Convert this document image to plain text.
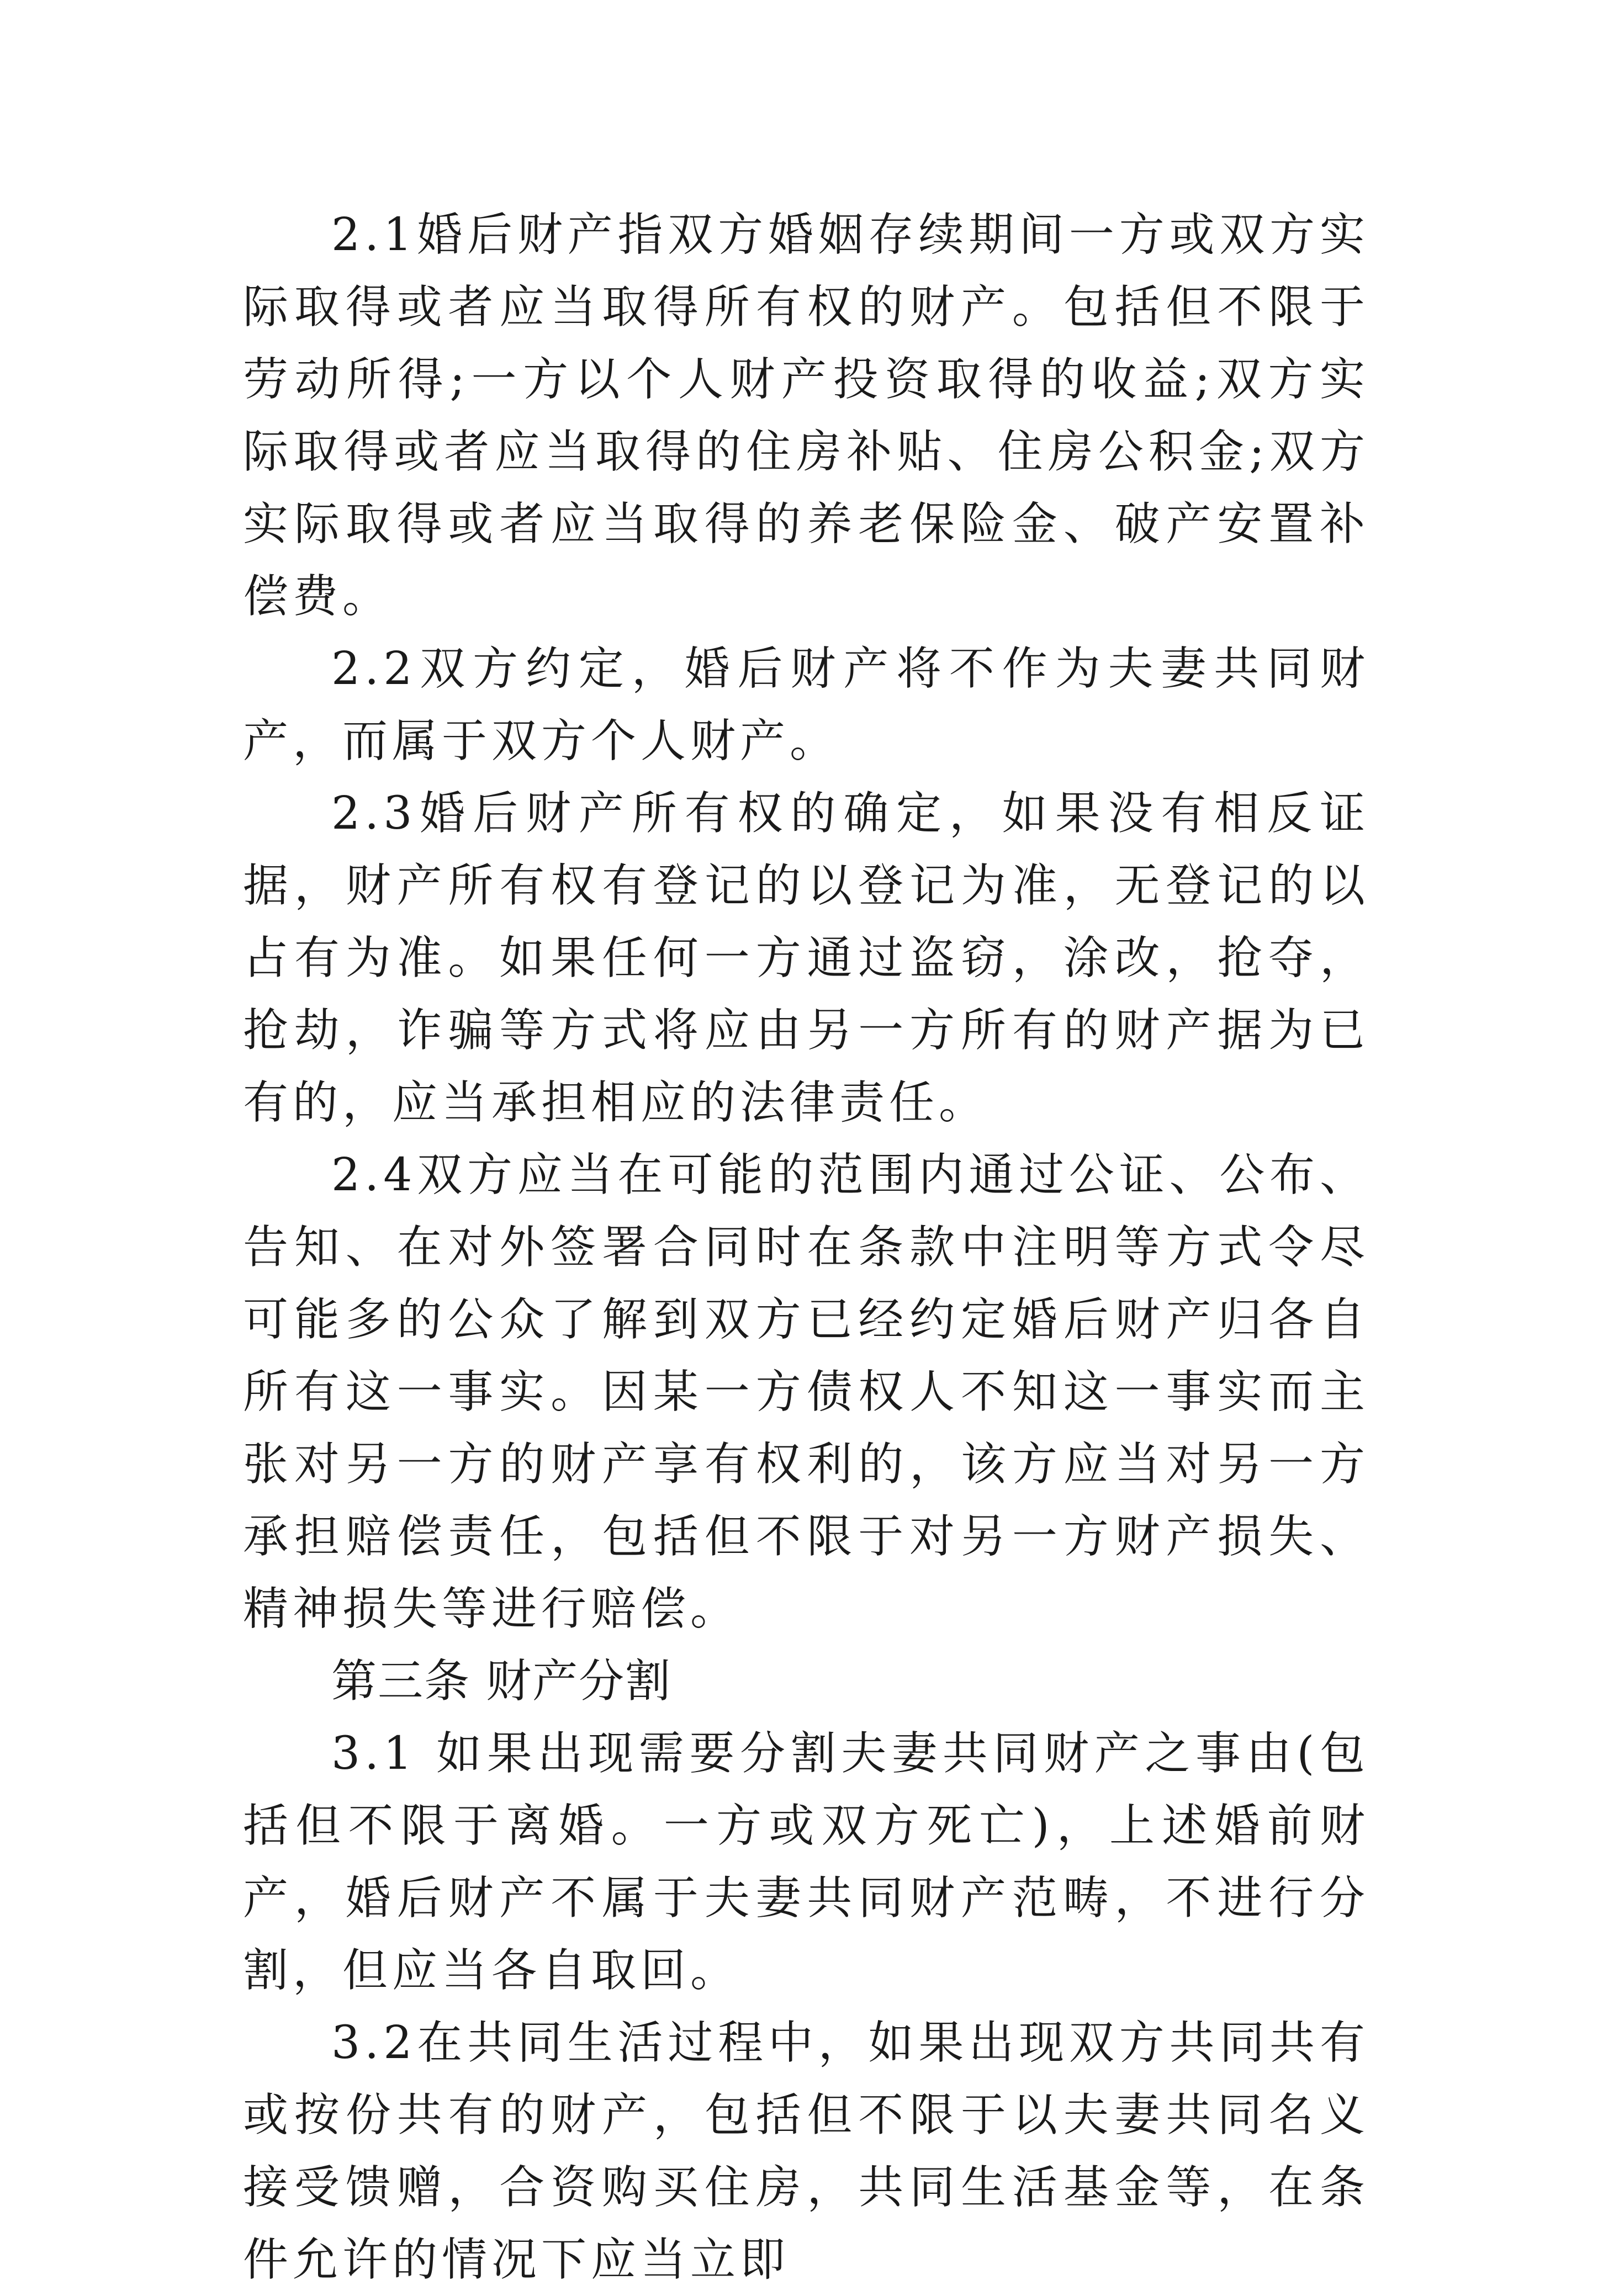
2.1婚后财产指双方婚姻存续期间一方或双方实际取得或者应当取得所有权的财产。包括但不限于劳动所得;一方以个人财产投资取得的收益;双方实际取得或者应当取得的住房补贴、住房公积金;双方实际取得或者应当取得的养老保险金、破产安置补偿费。

2.2双方约定，婚后财产将不作为夫妻共同财产，而属于双方个人财产。

2.3婚后财产所有权的确定，如果没有相反证据，财产所有权有登记的以登记为准，无登记的以占有为准。如果任何一方通过盗窃，涂改，抢夺，抢劫，诈骗等方式将应由另一方所有的财产据为已有的，应当承担相应的法律责任。

2.4双方应当在可能的范围内通过公证、公布、告知、在对外签署合同时在条款中注明等方式令尽可能多的公众了解到双方已经约定婚后财产归各自所有这一事实。因某一方债权人不知这一事实而主张对另一方的财产享有权利的，该方应当对另一方承担赔偿责任，包括但不限于对另一方财产损失、精神损失等进行赔偿。

第三条 财产分割

3.1 如果出现需要分割夫妻共同财产之事由(包括但不限于离婚。一方或双方死亡)，上述婚前财产，婚后财产不属于夫妻共同财产范畴，不进行分割，但应当各自取回。

3.2在共同生活过程中，如果出现双方共同共有或按份共有的财产，包括但不限于以夫妻共同名义接受馈赠，合资购买住房，共同生活基金等，在条件允许的情况下应当立即
